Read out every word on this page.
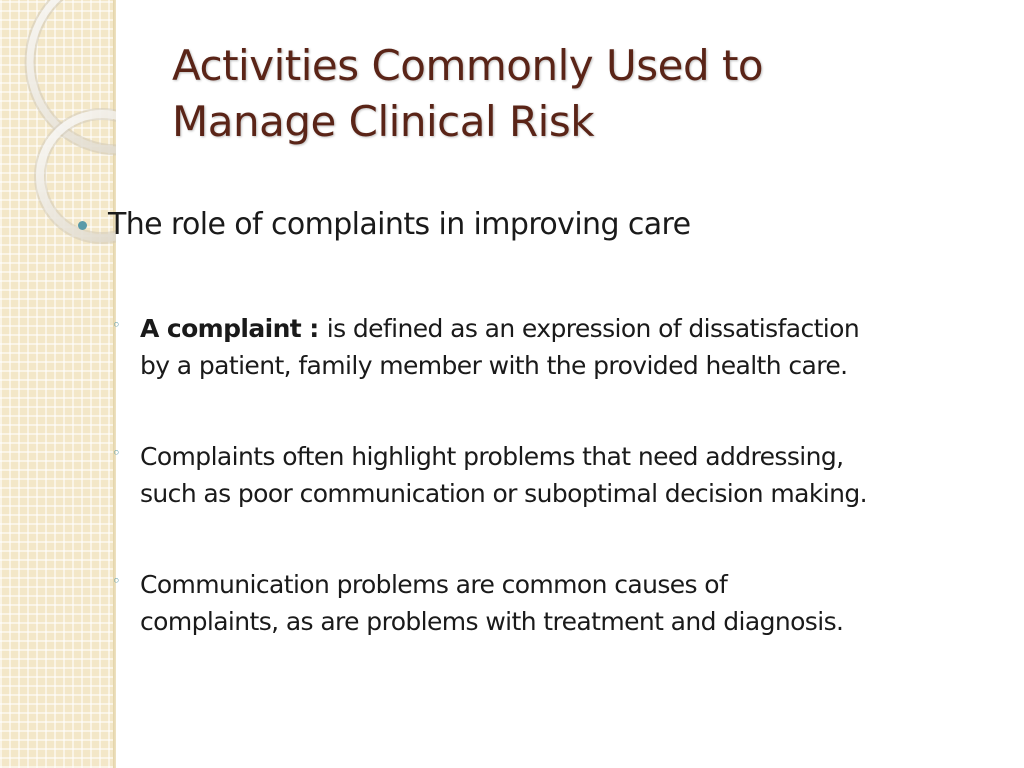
Activities Commonly Used to
Manage Clinical Risk
The role of complaints in improving care
◦ A complaint : is defined as an expression of dissatisfaction
by a patient, family member with the provided health care.
◦ Complaints often highlight problems that need addressing,
such as poor communication or suboptimal decision making.
◦ Communication problems are common causes of
complaints, as are problems with treatment and diagnosis.
